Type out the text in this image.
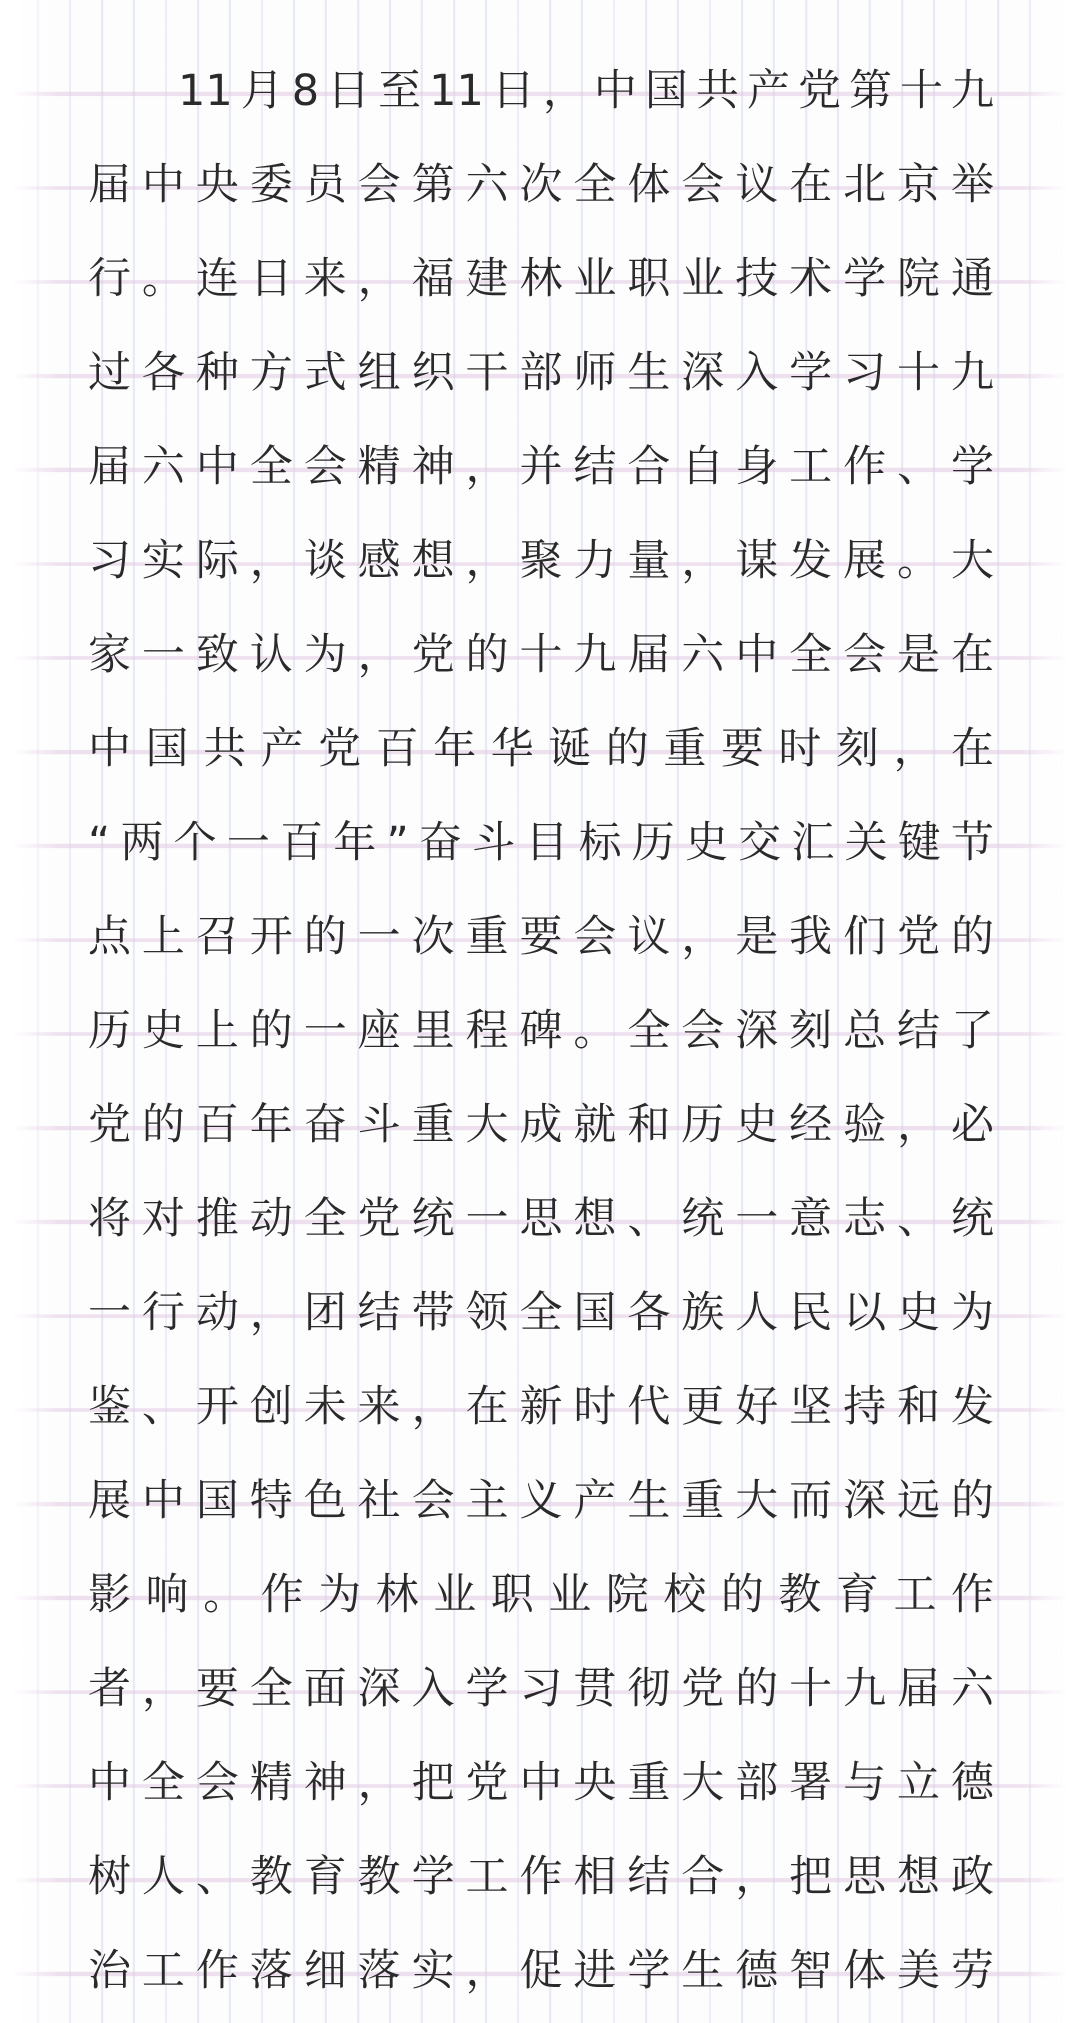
11月8日至11日，中国共产党第十九
届中央委员会第六次全体会议在北京举
行。连日来，福建林业职业技术学院通
过各种方式组织干部师生深入学习十九
届六中全会精神，并结合自身工作、学
习实际，谈感想，聚力量，谋发展。大
家一致认为，党的十九届六中全会是在
中国共产党百年华诞的重要时刻，在
“两个一百年”奋斗目标历史交汇关键节
点上召开的一次重要会议，是我们党的
历史上的一座里程碑。全会深刻总结了
党的百年奋斗重大成就和历史经验，必
将对推动全党统一思想、统一意志、统
一行动，团结带领全国各族人民以史为
鉴、开创未来，在新时代更好坚持和发
展中国特色社会主义产生重大而深远的
影响。作为林业职业院校的教育工作
者，要全面深入学习贯彻党的十九届六
中全会精神，把党中央重大部署与立德
树人、教育教学工作相结合，把思想政
治工作落细落实，促进学生德智体美劳
